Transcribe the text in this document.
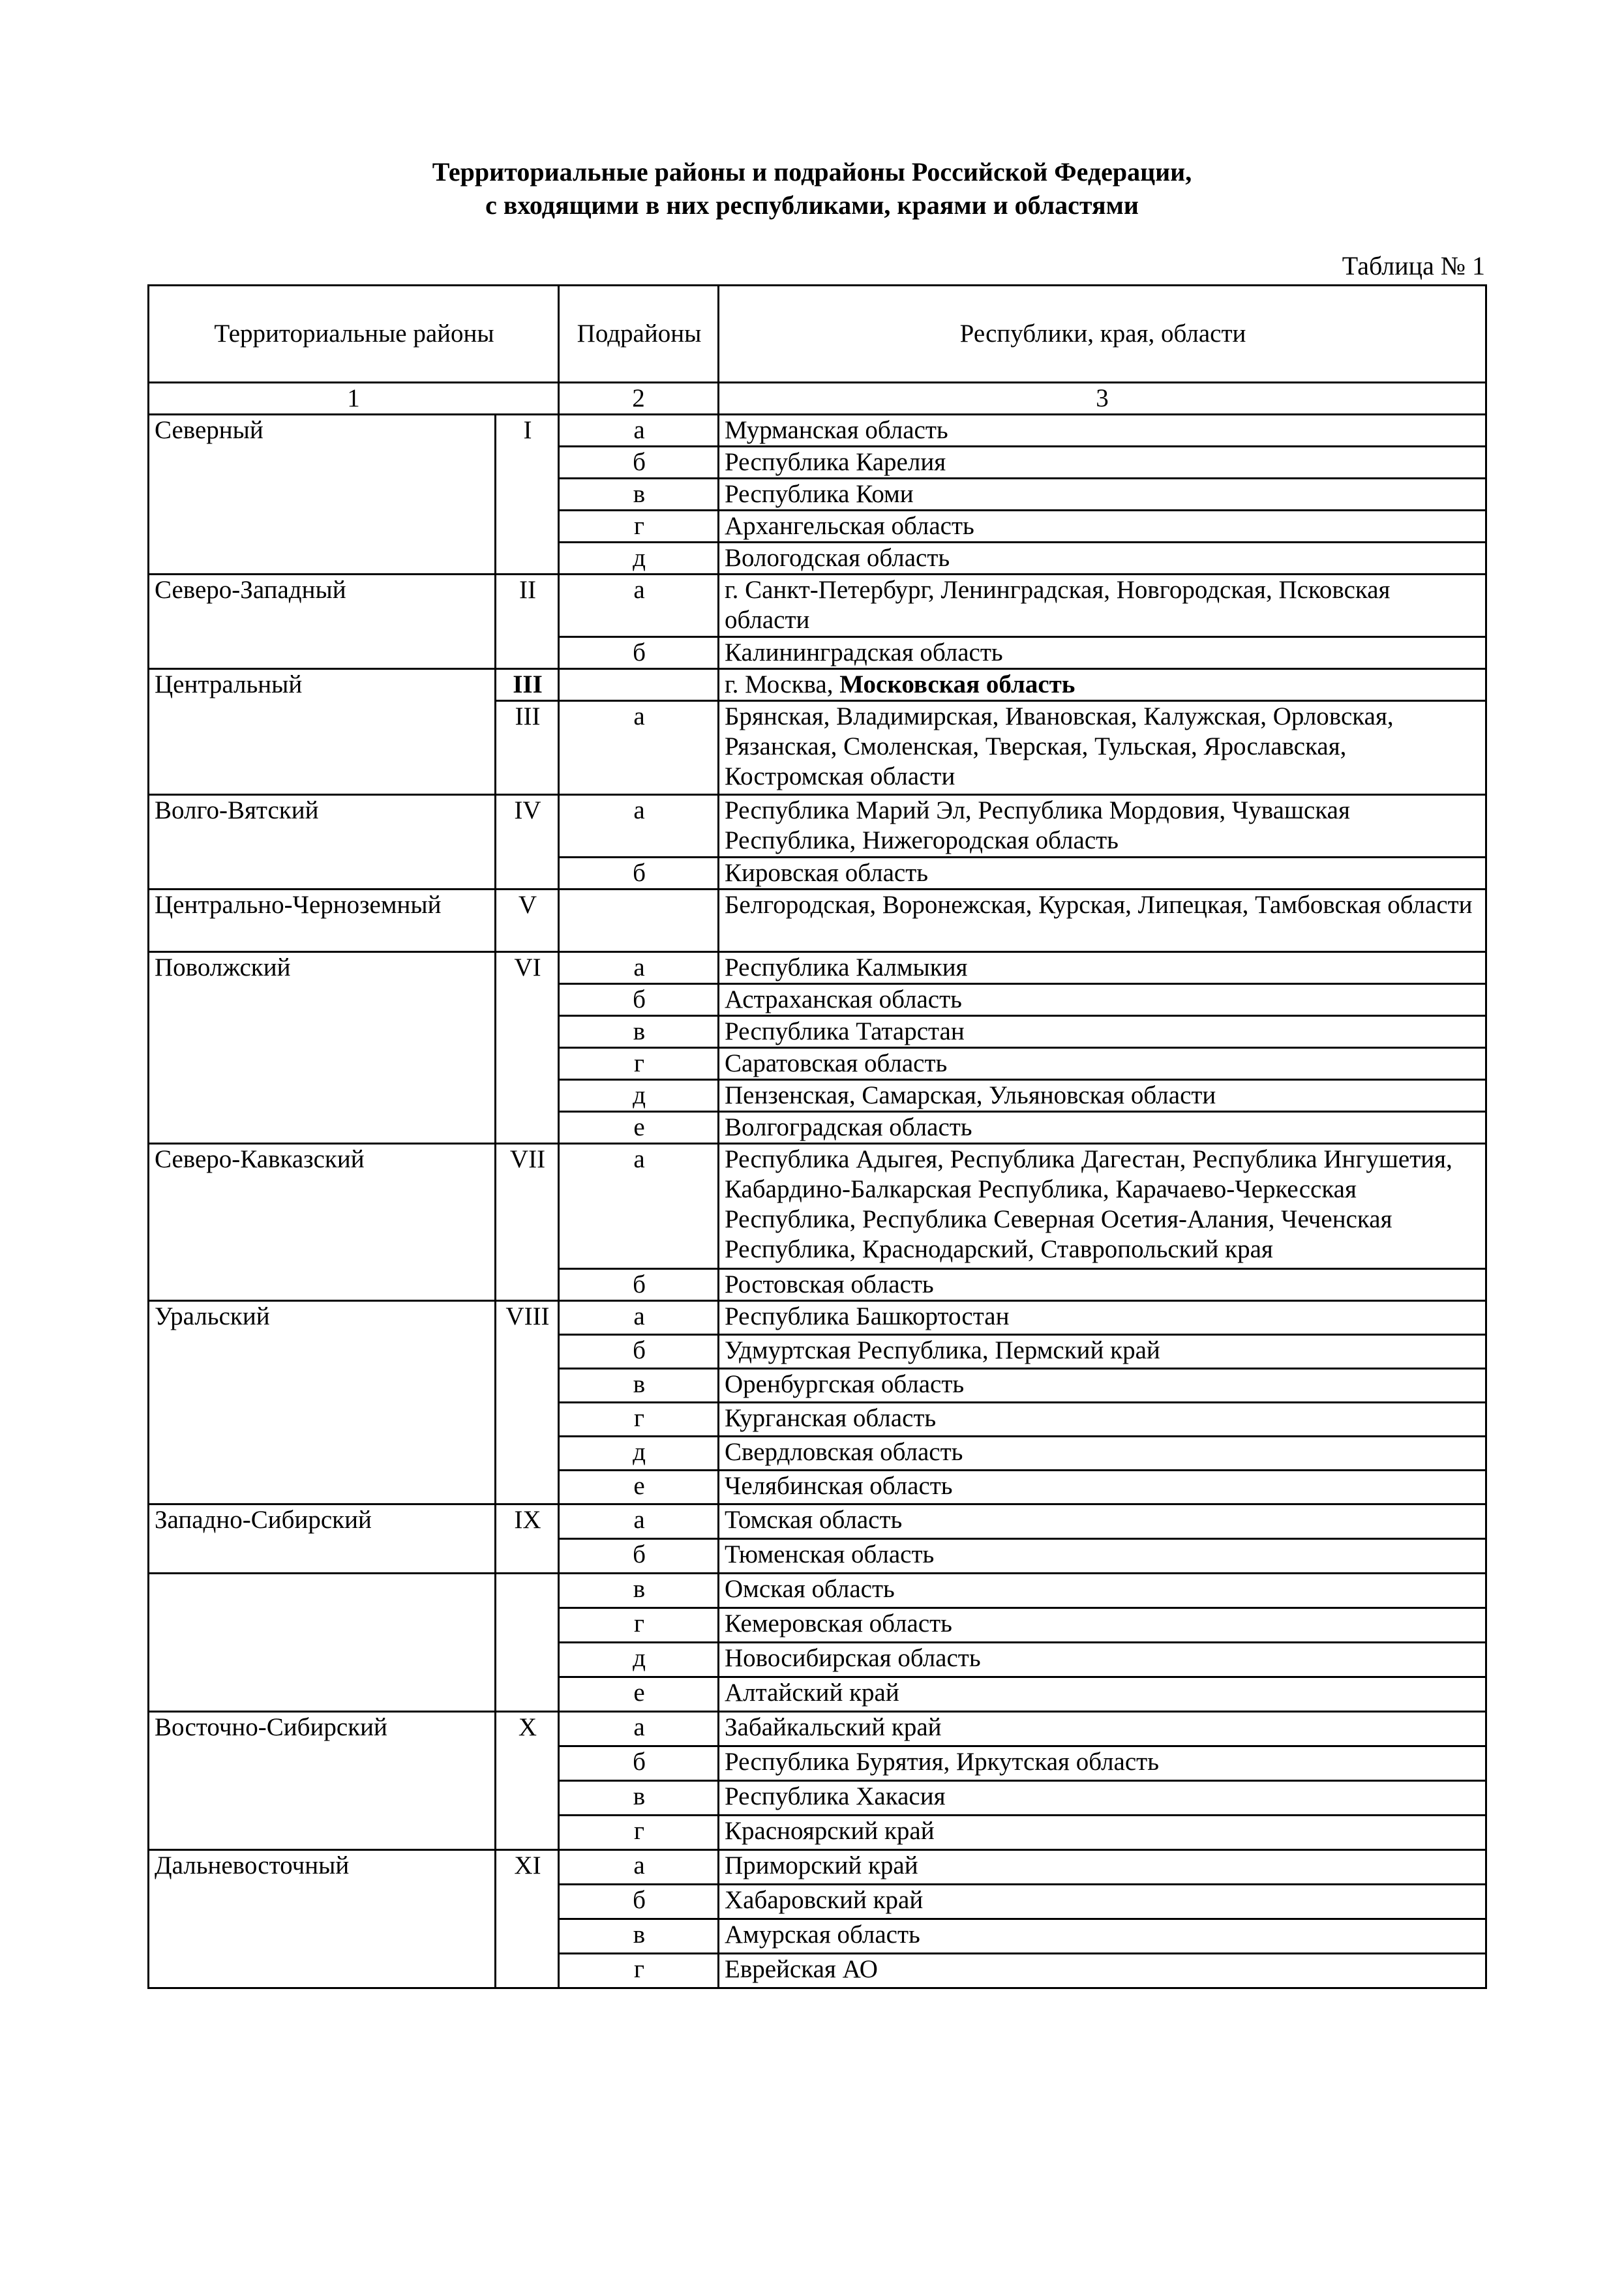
Территориальные районы и подрайоны Российской Федерации,
с входящими в них республиками, краями и областями
Таблица № 1
Территориальные районы		Подрайоны	Республики, края, области
1		2	3
Северный	I	а	Мурманская область
		б	Республика Карелия
		в	Республика Коми
		г	Архангельская область
		д	Вологодская область
Северо-Западный	II	а	г. Санкт-Петербург, Ленинградская, Новгородская, Псковская области
		б	Калининградская область
Центральный	III		г. Москва, Московская область
	III	а	Брянская, Владимирская, Ивановская, Калужская, Орловская, Рязанская, Смоленская, Тверская, Тульская, Ярославская, Костромская области
Волго-Вятский	IV	а	Республика Марий Эл, Республика Мордовия, Чувашская Республика, Нижегородская область
		б	Кировская область
Центрально-Черноземный	V		Белгородская, Воронежская, Курская, Липецкая, Тамбовская области
Поволжский	VI	а	Республика Калмыкия
		б	Астраханская область
		в	Республика Татарстан
		г	Саратовская область
		д	Пензенская, Самарская, Ульяновская области
		е	Волгоградская область
Северо-Кавказский	VII	а	Республика Адыгея, Республика Дагестан, Республика Ингушетия, Кабардино-Балкарская Республика, Карачаево-Черкесская Республика, Республика Северная Осетия-Алания, Чеченская Республика, Краснодарский, Ставропольский края
		б	Ростовская область
Уральский	VIII	а	Республика Башкортостан
		б	Удмуртская Республика, Пермский край
		в	Оренбургская область
		г	Курганская область
		д	Свердловская область
		е	Челябинская область
Западно-Сибирский	IX	а	Томская область
		б	Тюменская область
		в	Омская область
		г	Кемеровская область
		д	Новосибирская область
		е	Алтайский край
Восточно-Сибирский	X	а	Забайкальский край
		б	Республика Бурятия, Иркутская область
		в	Республика Хакасия
		г	Красноярский край
Дальневосточный	XI	а	Приморский край
		б	Хабаровский край
		в	Амурская область
		г	Еврейская АО
